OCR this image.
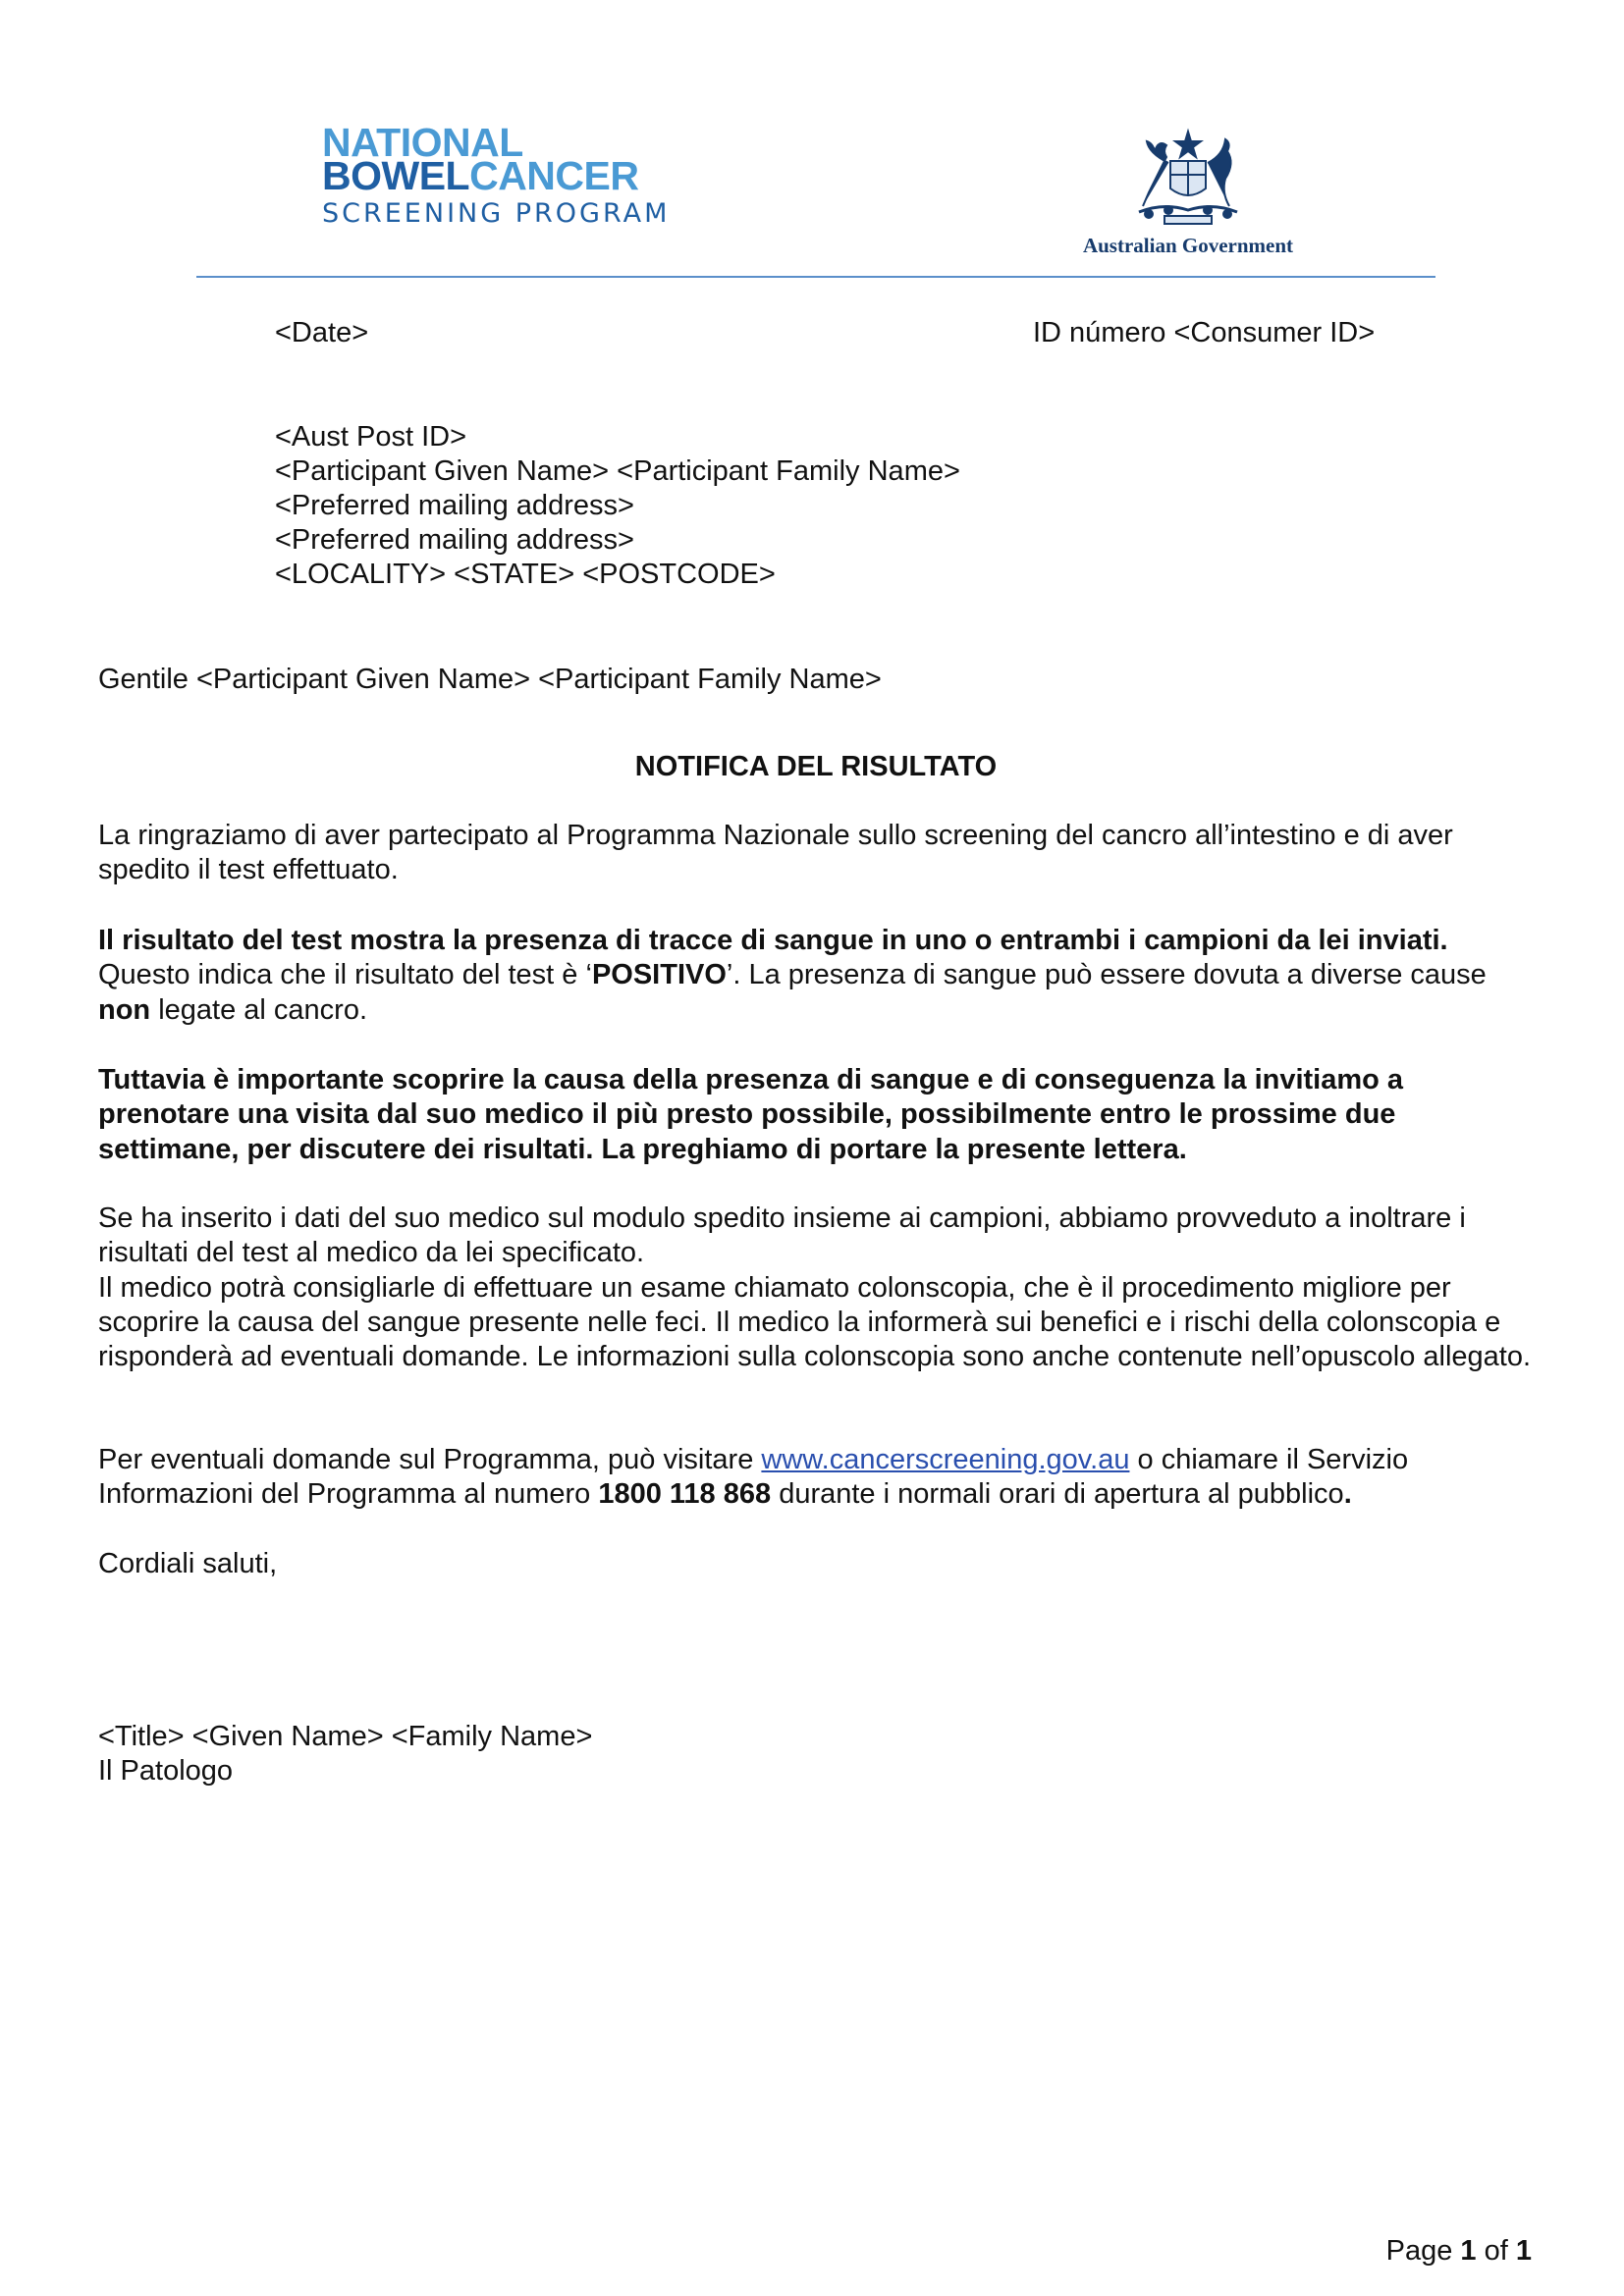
NATIONAL
BOWELCANCER
SCREENING PROGRAM
Australian Government
<Date>	ID número <Consumer ID>
<Aust Post ID>
<Participant Given Name> <Participant Family Name>
<Preferred mailing address>
<Preferred mailing address>
<LOCALITY> <STATE> <POSTCODE>
Gentile <Participant Given Name> <Participant Family Name>
NOTIFICA DEL RISULTATO
La ringraziamo di aver partecipato al Programma Nazionale sullo screening del cancro all’intestino e di aver spedito il test effettuato.
Il risultato del test mostra la presenza di tracce di sangue in uno o entrambi i campioni da lei inviati. Questo indica che il risultato del test è ‘POSITIVO’. La presenza di sangue può essere dovuta a diverse cause non legate al cancro.
Tuttavia è importante scoprire la causa della presenza di sangue e di conseguenza la invitiamo a prenotare una visita dal suo medico il più presto possibile, possibilmente entro le prossime due settimane, per discutere dei risultati. La preghiamo di portare la presente lettera.
Se ha inserito i dati del suo medico sul modulo spedito insieme ai campioni, abbiamo provveduto a inoltrare i risultati del test al medico da lei specificato.
Il medico potrà consigliarle di effettuare un esame chiamato colonscopia, che è il procedimento migliore per scoprire la causa del sangue presente nelle feci. Il medico la informerà sui benefici e i rischi della colonscopia e risponderà ad eventuali domande. Le informazioni sulla colonscopia sono anche contenute nell’opuscolo allegato.
Per eventuali domande sul Programma, può visitare www.cancerscreening.gov.au o chiamare il Servizio Informazioni del Programma al numero 1800 118 868 durante i normali orari di apertura al pubblico.
Cordiali saluti,
<Title> <Given Name> <Family Name>
Il Patologo
Page 1 of 1
